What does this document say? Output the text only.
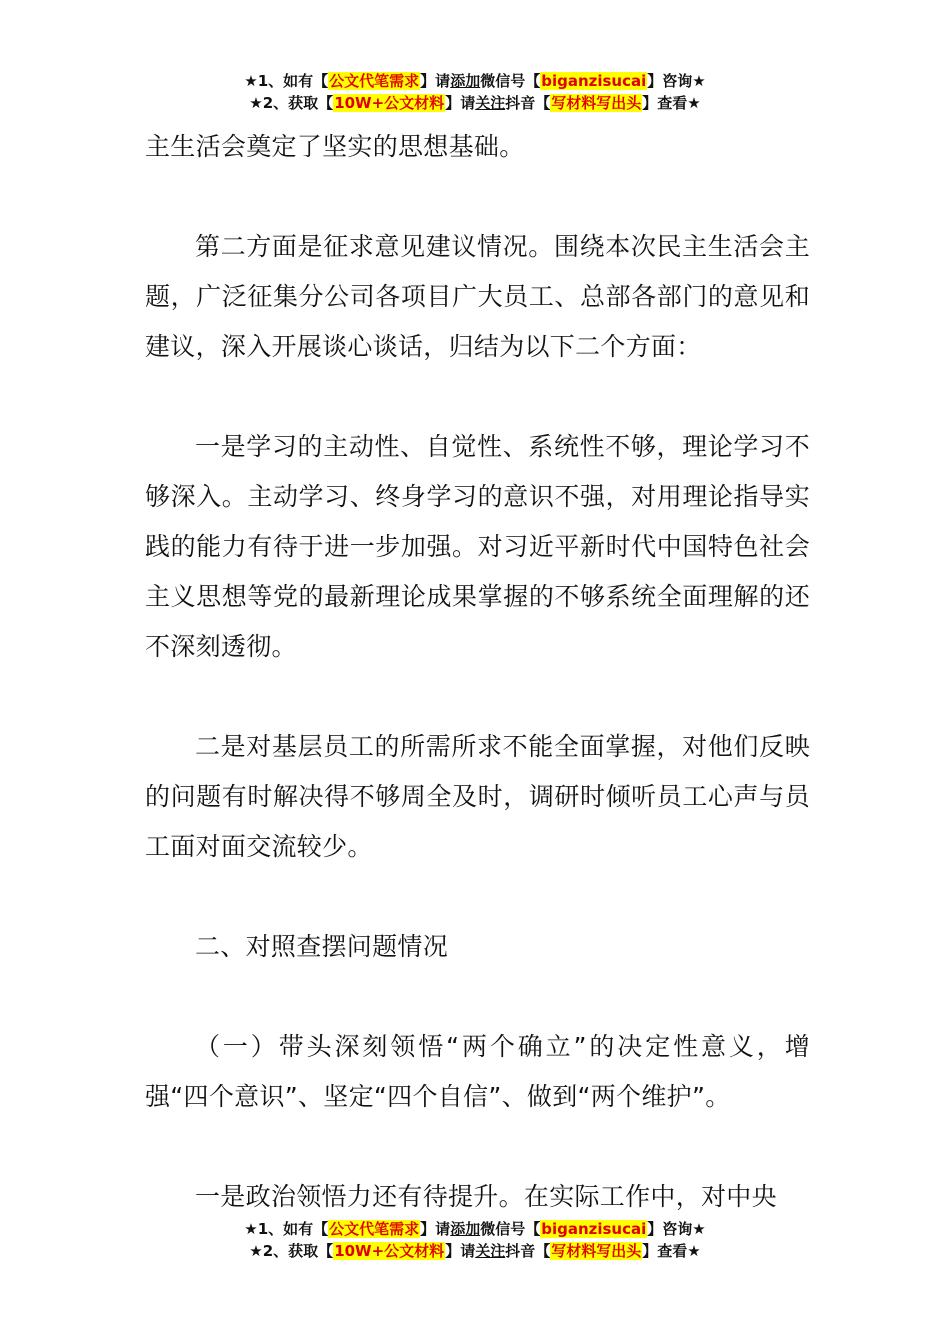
★1、如有【公文代笔需求】请添加微信号【biganzisucai】咨询★
★2、获取【10W+公文材料】请关注抖音【写材料写出头】查看★

主生活会奠定了坚实的思想基础。

第二方面是征求意见建议情况。围绕本次民主生活会主题，广泛征集分公司各项目广大员工、总部各部门的意见和建议，深入开展谈心谈话，归结为以下二个方面：

一是学习的主动性、自觉性、系统性不够，理论学习不够深入。主动学习、终身学习的意识不强，对用理论指导实践的能力有待于进一步加强。对习近平新时代中国特色社会主义思想等党的最新理论成果掌握的不够系统全面理解的还不深刻透彻。

二是对基层员工的所需所求不能全面掌握，对他们反映的问题有时解决得不够周全及时，调研时倾听员工心声与员工面对面交流较少。

二、对照查摆问题情况

（一）带头深刻领悟“两个确立”的决定性意义，增强“四个意识”、坚定“四个自信”、做到“两个维护”。

一是政治领悟力还有待提升。在实际工作中，对中央

★1、如有【公文代笔需求】请添加微信号【biganzisucai】咨询★
★2、获取【10W+公文材料】请关注抖音【写材料写出头】查看★
